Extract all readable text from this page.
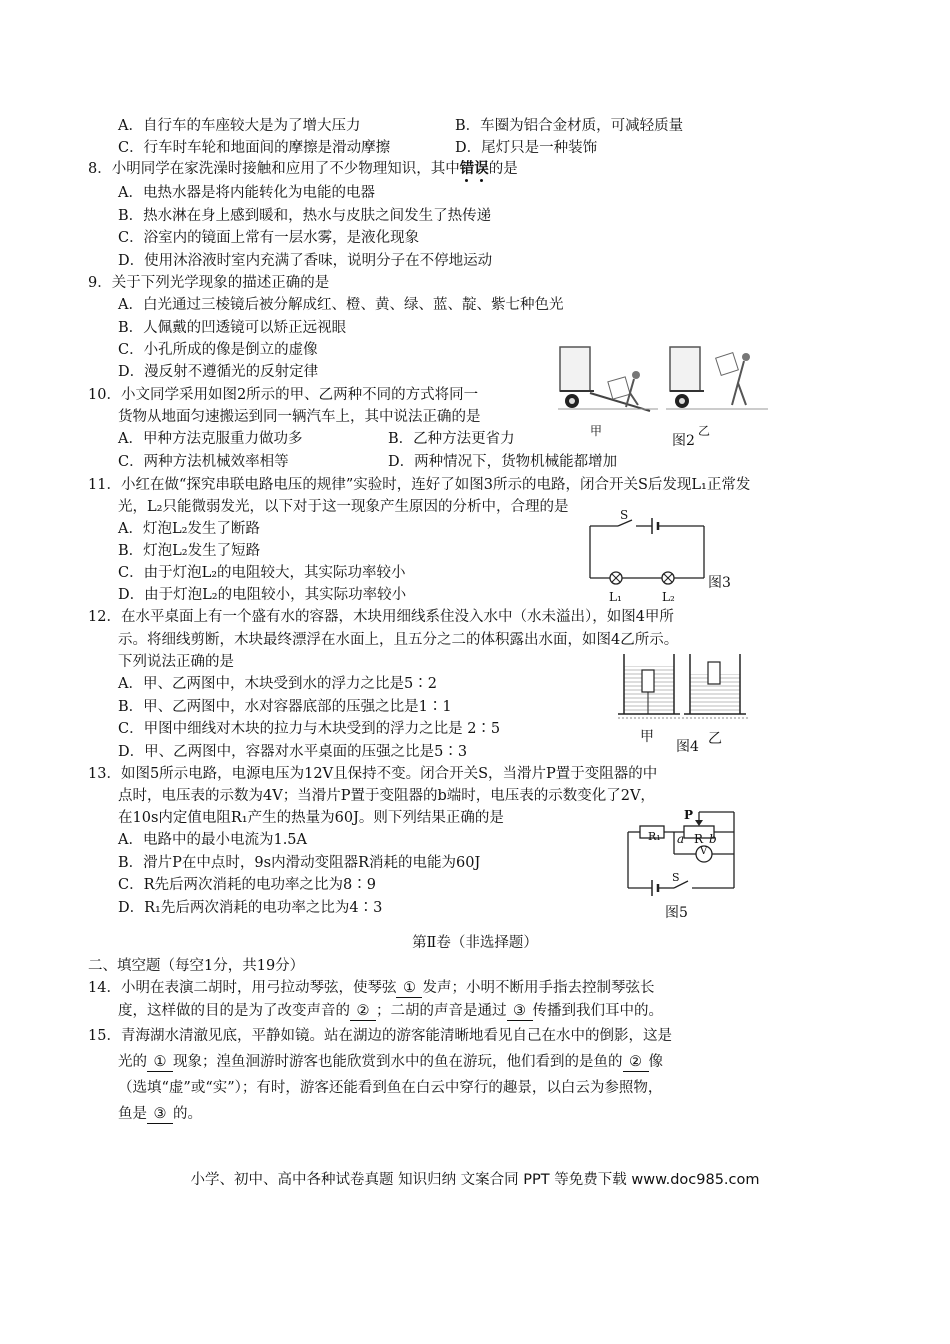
A．自行车的车座较大是为了增大压力	B．车圈为铝合金材质，可减轻质量
C．行车时车轮和地面间的摩擦是滑动摩擦	D．尾灯只是一种装饰
8．小明同学在家洗澡时接触和应用了不少物理知识，其中错误的是
A．电热水器是将内能转化为电能的电器
B．热水淋在身上感到暖和，热水与皮肤之间发生了热传递
C．浴室内的镜面上常有一层水雾，是液化现象
D．使用沐浴液时室内充满了香味，说明分子在不停地运动
9．关于下列光学现象的描述正确的是
A．白光通过三棱镜后被分解成红、橙、黄、绿、蓝、靛、紫七种色光
B．人佩戴的凹透镜可以矫正远视眼
C．小孔所成的像是倒立的虚像
D．漫反射不遵循光的反射定律
甲
图2
乙
10．小文同学采用如图2所示的甲、乙两种不同的方式将同一
货物从地面匀速搬运到同一辆汽车上，其中说法正确的是
A．甲种方法克服重力做功多	B．乙种方法更省力
C．两种方法机械效率相等	D．两种情况下，货物机械能都增加
11．小红在做“探究串联电路电压的规律”实验时，连好了如图3所示的电路，闭合开关S后发现L₁正常发
光，L₂只能微弱发光，以下对于这一现象产生原因的分析中，合理的是
A．灯泡L₂发生了断路
B．灯泡L₂发生了短路
C．由于灯泡L₂的电阻较大，其实际功率较小
D．由于灯泡L₂的电阻较小，其实际功率较小
S
L₁	L₂
图3
12．在水平桌面上有一个盛有水的容器，木块用细线系住没入水中（水未溢出），如图4甲所
示。将细线剪断，木块最终漂浮在水面上，且五分之二的体积露出水面，如图4乙所示。
下列说法正确的是
A．甲、乙两图中，木块受到水的浮力之比是5∶2
B．甲、乙两图中，水对容器底部的压强之比是1∶1
C．甲图中细线对木块的拉力与木块受到的浮力之比是 2∶5
D．甲、乙两图中，容器对水平桌面的压强之比是5∶3
甲
图4 乙
13．如图5所示电路，电源电压为12V且保持不变。闭合开关S，当滑片P置于变阻器的中
点时，电压表的示数为4V；当滑片P置于变阻器的b端时，电压表的示数变化了2V，
在10s内定值电阻R₁产生的热量为60J。则下列结果正确的是
A．电路中的最小电流为1.5A
B．滑片P在中点时，9s内滑动变阻器R消耗的电能为60J
C．R先后两次消耗的电功率之比为8∶9
D．R₁先后两次消耗的电功率之比为4∶3
R₁
P
a R b
V
S
图5
第Ⅱ卷（非选择题）
二、填空题（每空1分，共19分）
14．小明在表演二胡时，用弓拉动琴弦，使琴弦 ① 发声；小明不断用手指去控制琴弦长
度，这样做的目的是为了改变声音的 ② ；二胡的声音是通过 ③ 传播到我们耳中的。
15．青海湖水清澈见底，平静如镜。站在湖边的游客能清晰地看见自己在水中的倒影，这是
光的 ① 现象；湟鱼洄游时游客也能欣赏到水中的鱼在游玩，他们看到的是鱼的 ② 像
（选填“虚”或“实”）；有时，游客还能看到鱼在白云中穿行的趣景，以白云为参照物，
鱼是 ③ 的。
小学、初中、高中各种试卷真题 知识归纳 文案合同 PPT 等免费下载 www.doc985.com
